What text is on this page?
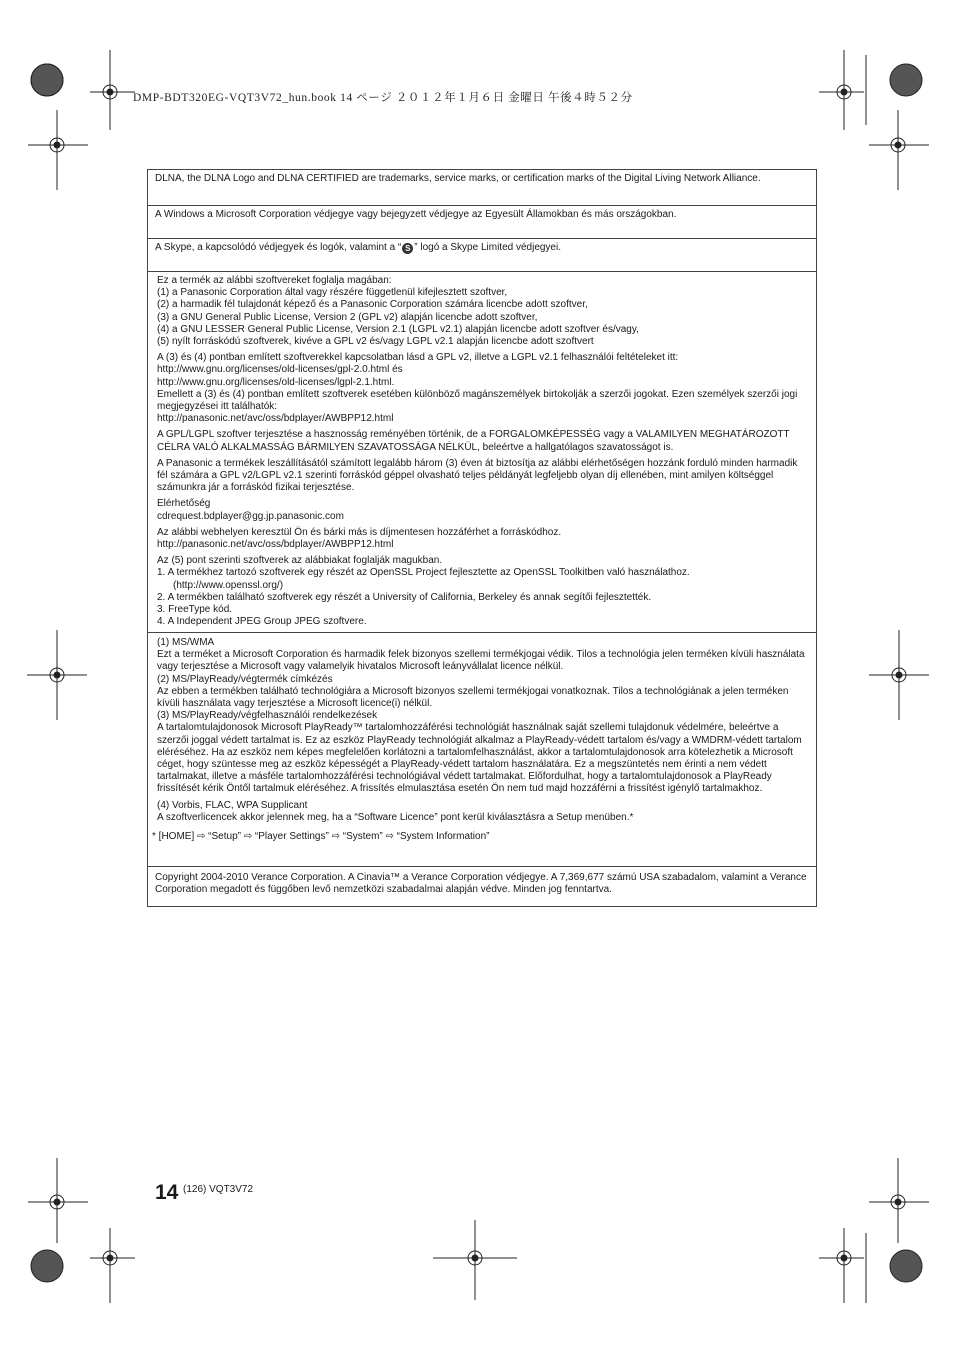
DMP-BDT320EG-VQT3V72_hun.book 14 ページ ２０１２年１月６日 金曜日 午後４時５２分
DLNA, the DLNA Logo and DLNA CERTIFIED are trademarks, service marks, or certification marks of the Digital Living Network Alliance.
A Windows a Microsoft Corporation védjegye vagy bejegyzett védjegye az Egyesült Államokban és más országokban.
A Skype, a kapcsolódó védjegyek és logók, valamint a “ S ” logó a Skype Limited védjegyei.

Ez a termék az alábbi szoftvereket foglalja magában:

(1) a Panasonic Corporation által vagy részére függetlenül kifejlesztett szoftver,

(2) a harmadik fél tulajdonát képező és a Panasonic Corporation számára licencbe adott szoftver,

(3) a GNU General Public License, Version 2 (GPL v2) alapján licencbe adott szoftver,

(4) a GNU LESSER General Public License, Version 2.1 (LGPL v2.1) alapján licencbe adott szoftver és/vagy,

(5) nyílt forráskódú szoftverek, kivéve a GPL v2 és/vagy LGPL v2.1 alapján licencbe adott szoftvert

A (3) és (4) pontban említett szoftverekkel kapcsolatban lásd a GPL v2, illetve a LGPL v2.1 felhasználói feltételeket itt:

http://www.gnu.org/licenses/old-licenses/gpl-2.0.html és

http://www.gnu.org/licenses/old-licenses/lgpl-2.1.html.

Emellett a (3) és (4) pontban említett szoftverek esetében különböző magánszemélyek birtokolják a szerzői jogokat. Ezen személyek szerzői jogi megjegyzései itt találhatók:

http://panasonic.net/avc/oss/bdplayer/AWBPP12.html

A GPL/LGPL szoftver terjesztése a hasznosság reményében történik, de a FORGALOMKÉPESSÉG vagy a VALAMILYEN MEGHATÁROZOTT CÉLRA VALÓ ALKALMASSÁG BÁRMILYEN SZAVATOSSÁGA NÉLKÜL, beleértve a hallgatólagos szavatosságot is.

A Panasonic a termékek leszállításától számított legalább három (3) éven át biztosítja az alábbi elérhetőségen hozzánk forduló minden harmadik fél számára a GPL v2/LGPL v2.1 szerinti forráskód géppel olvasható teljes példányát legfeljebb olyan díj ellenében, mint amilyen költséggel számunkra jár a forráskód fizikai terjesztése.

Elérhetőség

cdrequest.bdplayer@gg.jp.panasonic.com

Az alábbi webhelyen keresztül Ön és bárki más is díjmentesen hozzáférhet a forráskódhoz.

http://panasonic.net/avc/oss/bdplayer/AWBPP12.html

Az (5) pont szerinti szoftverek az alábbiakat foglalják magukban.

1. A termékhez tartozó szoftverek egy részét az OpenSSL Project fejlesztette az OpenSSL Toolkitben való használathoz.

(http://www.openssl.org/)

2. A termékben található szoftverek egy részét a University of California, Berkeley és annak segítői fejlesztették.

3. FreeType kód.

4. A Independent JPEG Group JPEG szoftvere.

(1) MS/WMA

Ezt a terméket a Microsoft Corporation és harmadik felek bizonyos szellemi termékjogai védik. Tilos a technológia jelen terméken kívüli használata vagy terjesztése a Microsoft vagy valamelyik hivatalos Microsoft leányvállalat licence nélkül.

(2) MS/PlayReady/végtermék címkézés

Az ebben a termékben található technológiára a Microsoft bizonyos szellemi termékjogai vonatkoznak. Tilos a technológiának a jelen terméken kívüli használata vagy terjesztése a Microsoft licence(i) nélkül.

(3) MS/PlayReady/végfelhasználói rendelkezések

A tartalomtulajdonosok Microsoft PlayReady™ tartalomhozzáférési technológiát használnak saját szellemi tulajdonuk védelmére, beleértve a szerzői joggal védett tartalmat is. Ez az eszköz PlayReady technológiát alkalmaz a PlayReady-védett tartalom és/vagy a WMDRM-védett tartalom eléréséhez. Ha az eszköz nem képes megfelelően korlátozni a tartalomfelhasználást, akkor a tartalomtulajdonosok arra kötelezhetik a Microsoft céget, hogy szüntesse meg az eszköz képességét a PlayReady-védett tartalom használatára. Ez a megszüntetés nem érinti a nem védett tartalmakat, illetve a másféle tartalomhozzáférési technológiával védett tartalmakat. Előfordulhat, hogy a tartalomtulajdonosok a PlayReady frissítését kérik Öntől tartalmuk eléréséhez. A frissítés elmulasztása esetén Ön nem tud majd hozzáférni a frissítést igénylő tartalmakhoz.

(4) Vorbis, FLAC, WPA Supplicant

A szoftverlicencek akkor jelennek meg, ha a “Software Licence” pont kerül kiválasztásra a Setup menüben.*

* [HOME] ⇨ “Setup” ⇨ “Player Settings” ⇨ “System” ⇨ “System Information”

Copyright 2004-2010 Verance Corporation. A Cinavia™ a Verance Corporation védjegye. A 7,369,677 számú USA szabadalom, valamint a Verance Corporation megadott és függőben levő nemzetközi szabadalmai alapján védve. Minden jog fenntartva.
14 (126) VQT3V72
